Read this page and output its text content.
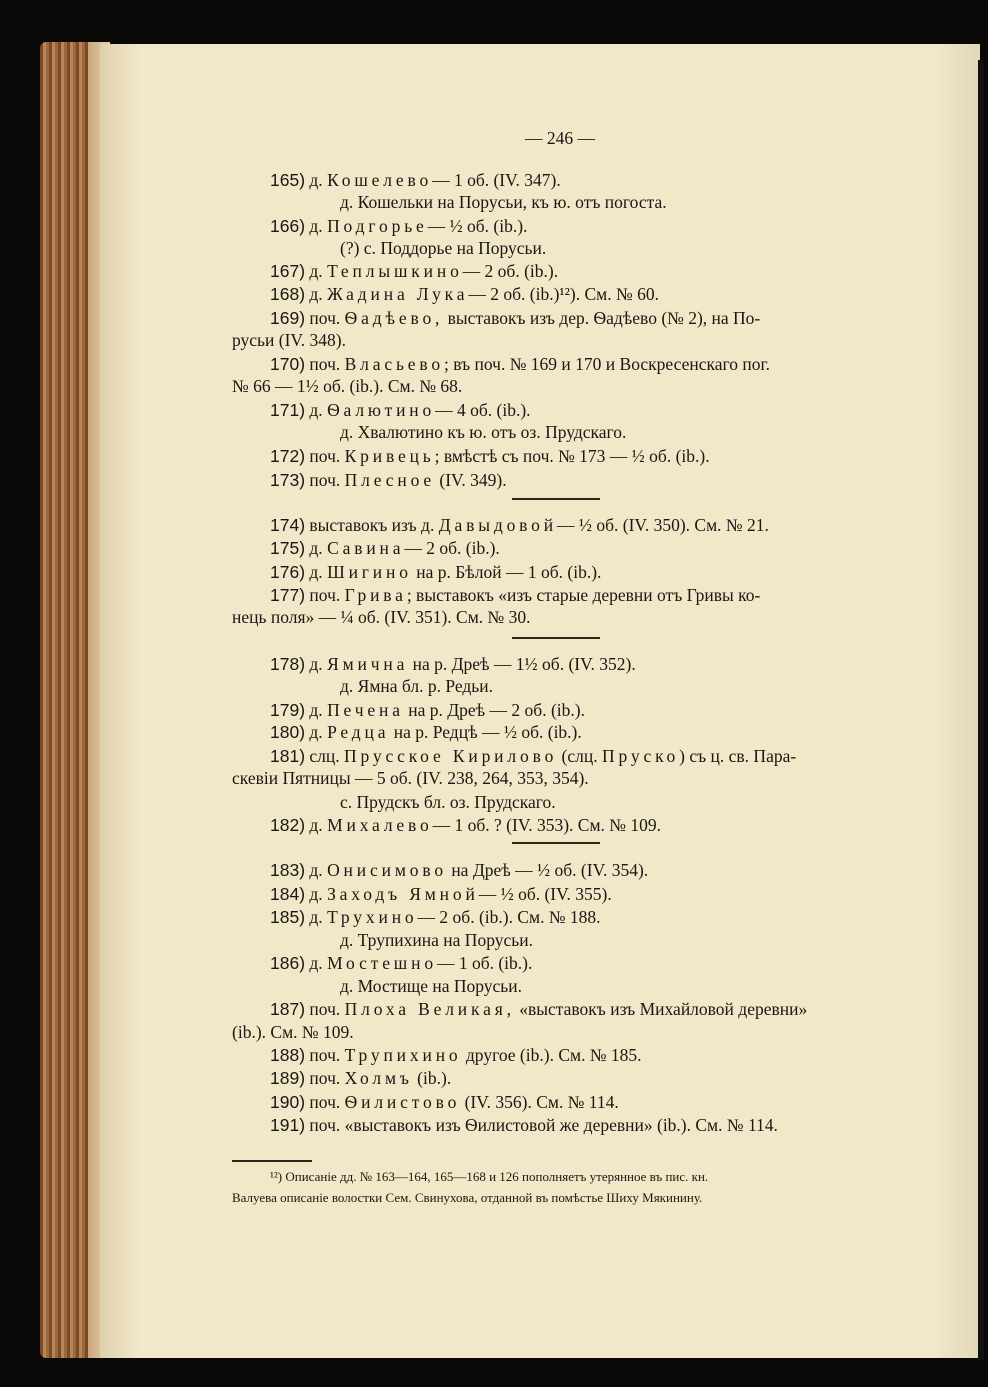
— 246 —
165) д. Кошелево— 1 об. (IV. 347).
д. Кошельки на Порусьи, къ ю. отъ погоста.
166) д. Подгорье— ½ об. (ib.).
(?) с. Поддорье на Порусьи.
167) д. Теплышкино— 2 об. (ib.).
168) д. Жадина Лука— 2 об. (ib.)¹²). См. № 60.
169) поч. Ѳадѣево, выставокъ изъ дер. Ѳадѣево (№ 2), на По-
русьи (IV. 348).
170) поч. Власьево; въ поч. № 169 и 170 и Воскресенскаго пог.
№ 66 — 1½ об. (ib.). См. № 68.
171) д. Ѳалютино— 4 об. (ib.).
д. Хвалютино къ ю. отъ оз. Прудскаго.
172) поч. Кривець; вмѣстѣ съ поч. № 173 — ½ об. (ib.).
173) поч. Плесное (IV. 349).
174) выставокъ изъ д. Давыдовой— ½ об. (IV. 350). См. № 21.
175) д. Савина— 2 об. (ib.).
176) д. Шигино на р. Бѣлой — 1 об. (ib.).
177) поч. Грива; выставокъ «изъ старые деревни отъ Гривы ко-
нець поля» — ¼ об. (IV. 351). См. № 30.
178) д. Ямична на р. Дреѣ — 1½ об. (IV. 352).
д. Ямна бл. р. Редьи.
179) д. Печена на р. Дреѣ — 2 об. (ib.).
180) д. Редца на р. Редцѣ — ½ об. (ib.).
181) слц. Прусское Кирилово (слц. Пруско) съ ц. св. Пара-
скевіи Пятницы — 5 об. (IV. 238, 264, 353, 354).
с. Прудскъ бл. оз. Прудскаго.
182) д. Михалево— 1 об. ? (IV. 353). См. № 109.
183) д. Онисимово на Дреѣ — ½ об. (IV. 354).
184) д. Заходъ Ямной— ½ об. (IV. 355).
185) д. Трухино— 2 об. (ib.). См. № 188.
д. Трупихина на Порусьи.
186) д. Мостешно— 1 об. (ib.).
д. Мостище на Порусьи.
187) поч. Плоха Великая, «выставокъ изъ Михайловой деревни»
(ib.). См. № 109.
188) поч. Трупихино другое (ib.). См. № 185.
189) поч. Холмъ (ib.).
190) поч. Ѳилистово (IV. 356). См. № 114.
191) поч. «выставокъ изъ Ѳилистовой же деревни» (ib.). См. № 114.
¹²) Описаніе дд. № 163—164, 165—168 и 126 пополняетъ утерянное въ пис. кн.
Валуева описаніе волостки Сем. Свинухова, отданной въ помѣстье Шиху Мякинину.
